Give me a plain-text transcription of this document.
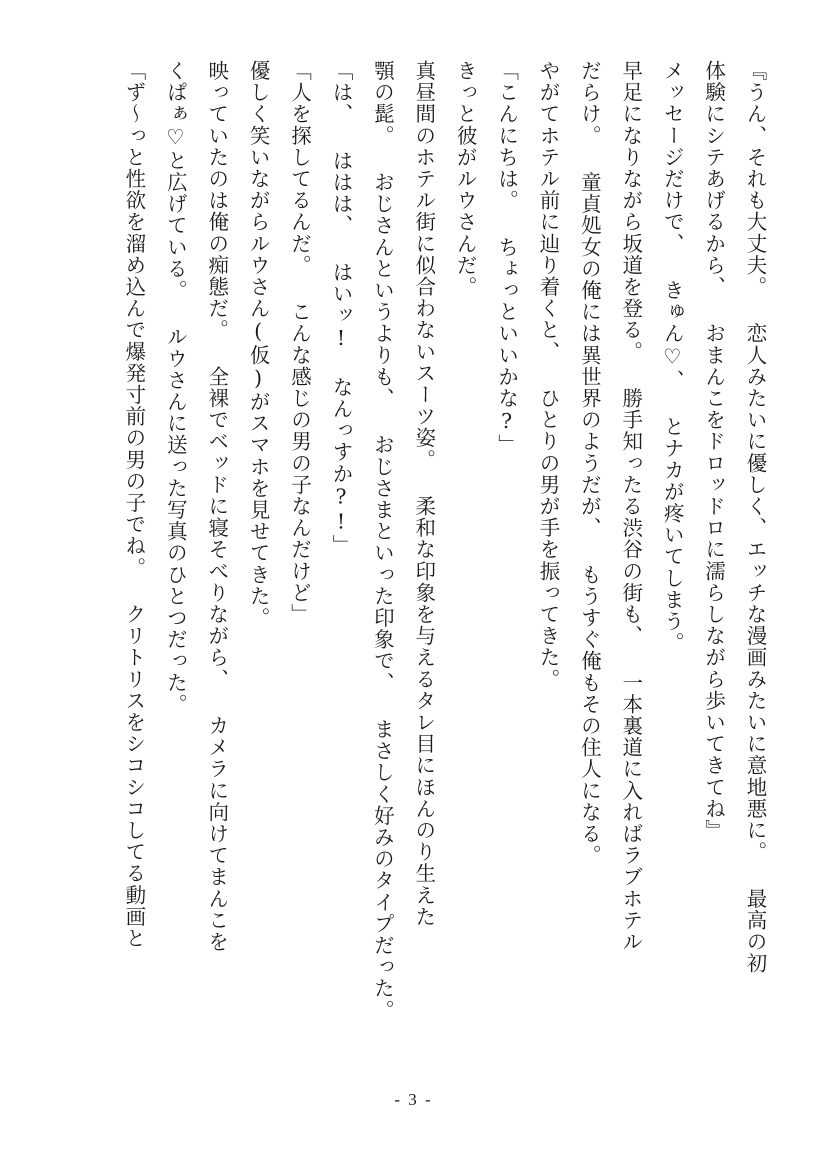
『うん、それも大丈夫。 恋人みたいに優しく、エッチな漫画みたいに意地悪に。 最高の初
体験にシテあげるから、 おまんこをドロッドロに濡らしながら歩いてきてね』
メッセージだけで、 きゅん♡、 とナカが疼いてしまう。
早足になりながら坂道を登る。 勝手知ったる渋谷の街も、 一本裏道に入ればラブホテル
だらけ。 童貞処女の俺には異世界のようだが、 もうすぐ俺もその住人になる。
やがてホテル前に辿り着くと、 ひとりの男が手を振ってきた。
「こんにちは。 ちょっといいかな?」
きっと彼がルウさんだ。
真昼間のホテル街に似合わないスーツ姿。 柔和な印象を与えるタレ目にほんのり生えた
顎の髭。 おじさんというよりも、 おじさまといった印象で、 まさしく好みのタイプだった。
「は、 ははは、 はいッ! なんっすか?!」
「人を探してるんだ。 こんな感じの男の子なんだけど」
優しく笑いながらルウさん(仮)がスマホを見せてきた。
映っていたのは俺の痴態だ。 全裸でベッドに寝そべりながら、 カメラに向けてまんこを
くぱぁ♡と広げている。 ルウさんに送った写真のひとつだった。
「ず～っと性欲を溜め込んで爆発寸前の男の子でね。 クリトリスをシコシコしてる動画と
- 3 -
